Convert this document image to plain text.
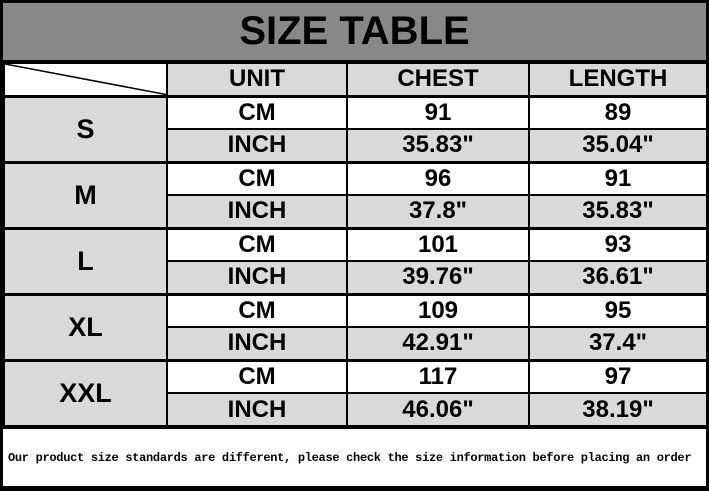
SIZE TABLE
	UNIT	CHEST	LENGTH
S	CM	91	89
	INCH	35.83"	35.04"
M	CM	96	91
	INCH	37.8"	35.83"
L	CM	101	93
	INCH	39.76"	36.61"
XL	CM	109	95
	INCH	42.91"	37.4"
XXL	CM	117	97
	INCH	46.06"	38.19"
Our product size standards are different, please check the size information before placing an order
